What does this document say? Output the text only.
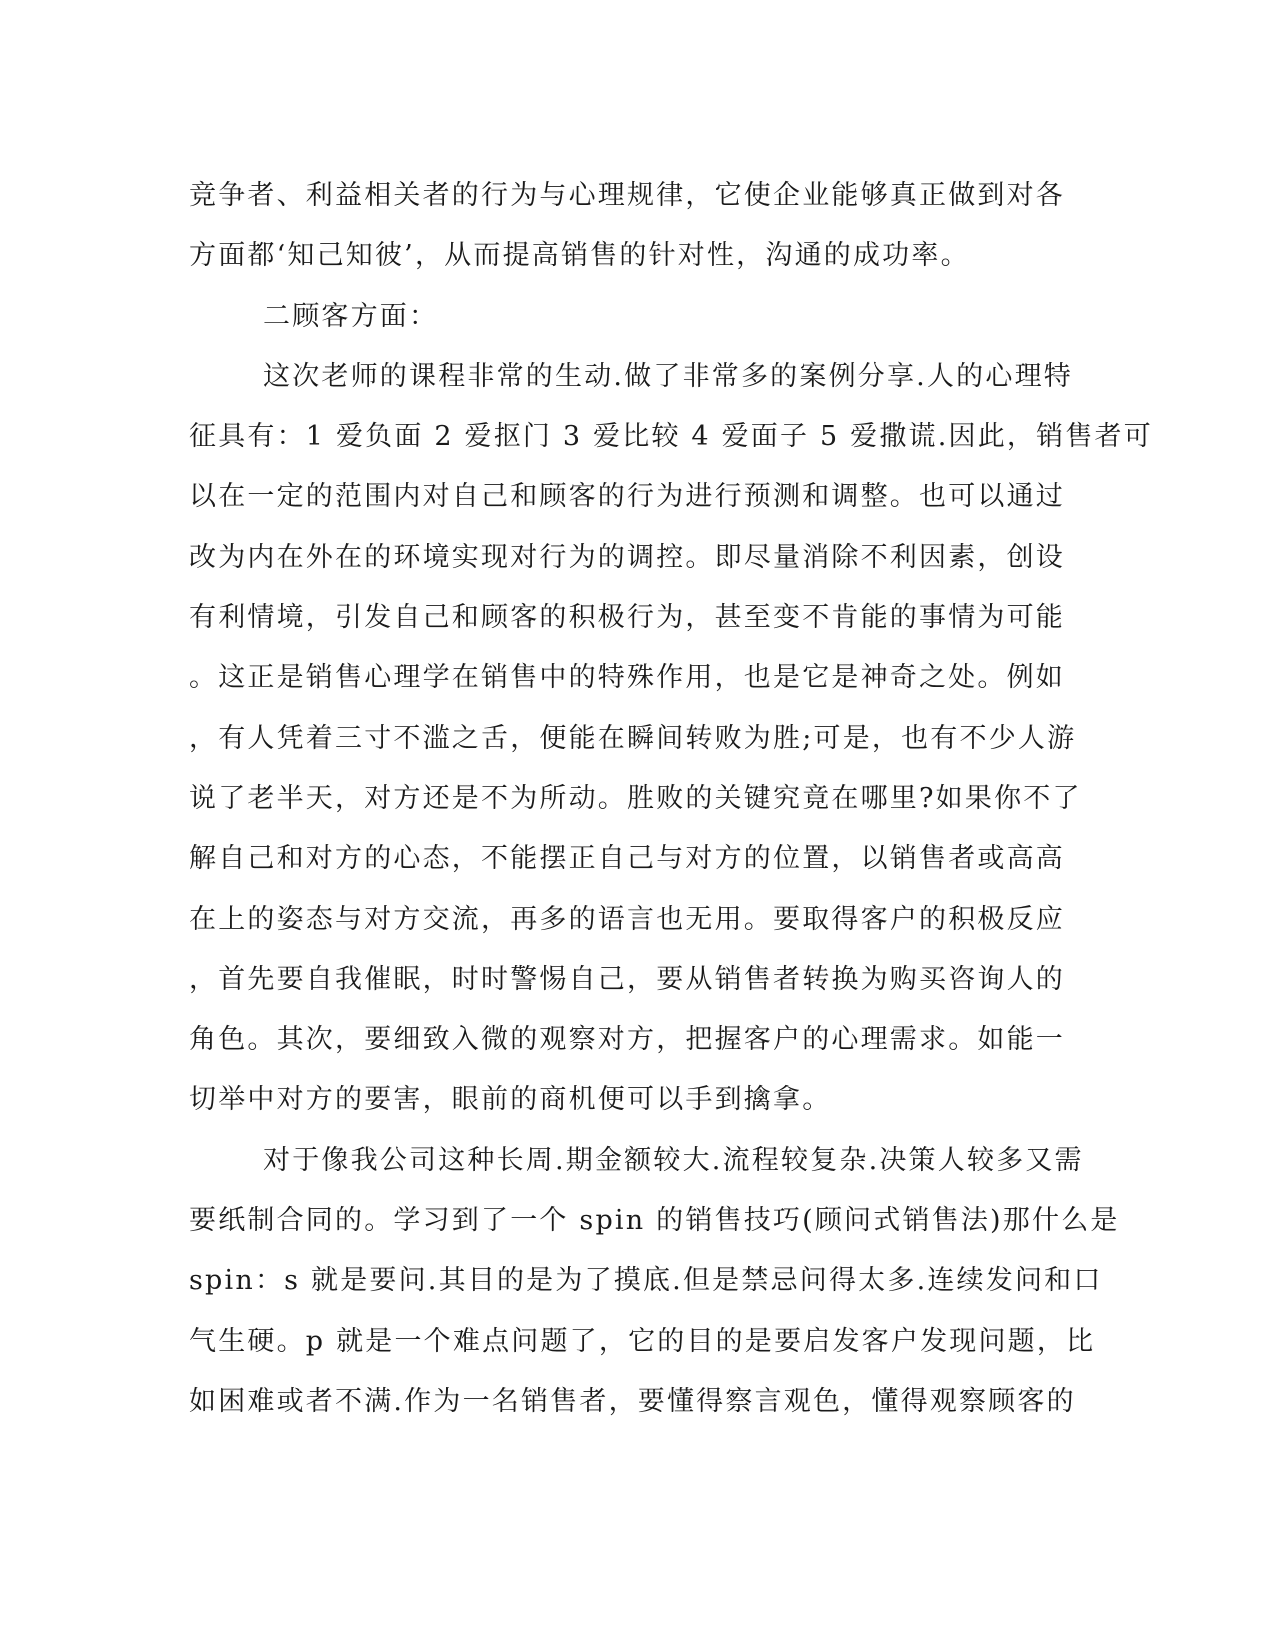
竞争者、利益相关者的行为与心理规律，它使企业能够真正做到对各
方面都‘知己知彼’，从而提高销售的针对性，沟通的成功率。
二顾客方面：
这次老师的课程非常的生动.做了非常多的案例分享.人的心理特
征具有：1 爱负面 2 爱抠门 3 爱比较 4 爱面子 5 爱撒谎.因此，销售者可
以在一定的范围内对自己和顾客的行为进行预测和调整。也可以通过
改为内在外在的环境实现对行为的调控。即尽量消除不利因素，创设
有利情境，引发自己和顾客的积极行为，甚至变不肯能的事情为可能
。这正是销售心理学在销售中的特殊作用，也是它是神奇之处。例如
，有人凭着三寸不滥之舌，便能在瞬间转败为胜;可是，也有不少人游
说了老半天，对方还是不为所动。胜败的关键究竟在哪里?如果你不了
解自己和对方的心态，不能摆正自己与对方的位置，以销售者或高高
在上的姿态与对方交流，再多的语言也无用。要取得客户的积极反应
，首先要自我催眠，时时警惕自己，要从销售者转换为购买咨询人的
角色。其次，要细致入微的观察对方，把握客户的心理需求。如能一
切举中对方的要害，眼前的商机便可以手到擒拿。
对于像我公司这种长周.期金额较大.流程较复杂.决策人较多又需
要纸制合同的。学习到了一个 spin 的销售技巧(顾问式销售法)那什么是
spin：s 就是要问.其目的是为了摸底.但是禁忌问得太多.连续发问和口
气生硬。p 就是一个难点问题了，它的目的是要启发客户发现问题，比
如困难或者不满.作为一名销售者，要懂得察言观色，懂得观察顾客的
